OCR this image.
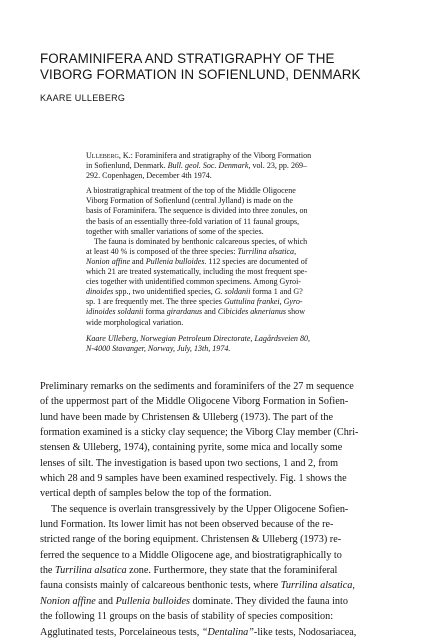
FORAMINIFERA AND STRATIGRAPHY OF THE
VIBORG FORMATION IN SOFIENLUND, DENMARK
KAARE ULLEBERG

Ulleberg, K.: Foraminifera and stratigraphy of the Viborg Formation
in Sofienlund, Denmark. Bull. geol. Soc. Denmark, vol. 23, pp. 269–
292. Copenhagen, December 4th 1974.

A biostratigraphical treatment of the top of the Middle Oligocene
Viborg Formation of Sofienlund (central Jylland) is made on the
basis of Foraminifera. The sequence is divided into three zonules, on
the basis of an essentially three-fold variation of 11 faunal groups,
together with smaller variations of some of the species.

The fauna is dominated by benthonic calcareous species, of which
at least 40 % is composed of the three species: Turrilina alsatica,
Nonion affine and Pullenia bulloides. 112 species are documented of
which 21 are treated systematically, including the most frequent spe-
cies together with unidentified common specimens. Among Gyroi-
dinoides spp., two unidentified species, G. soldanii forma 1 and G?
sp. 1 are frequently met. The three species Guttulina frankei, Gyro-
idinoides soldanii forma girardanus and Cibicides aknerianus show
wide morphological variation.

Kaare Ulleberg, Norwegian Petroleum Directorate, Lagårdsveien 80,
N-4000 Stavanger, Norway, July, 13th, 1974.

Preliminary remarks on the sediments and foraminifers of the 27 m sequence
of the uppermost part of the Middle Oligocene Viborg Formation in Sofien-
lund have been made by Christensen & Ulleberg (1973). The part of the
formation examined is a sticky clay sequence; the Viborg Clay member (Chri-
stensen & Ulleberg, 1974), containing pyrite, some mica and locally some
lenses of silt. The investigation is based upon two sections, 1 and 2, from
which 28 and 9 samples have been examined respectively. Fig. 1 shows the
vertical depth of samples below the top of the formation.
The sequence is overlain transgressively by the Upper Oligocene Sofien-
lund Formation. Its lower limit has not been observed because of the re-
stricted range of the boring equipment. Christensen & Ulleberg (1973) re-
ferred the sequence to a Middle Oligocene age, and biostratigraphically to
the Turrilina alsatica zone. Furthermore, they state that the foraminiferal
fauna consists mainly of calcareous benthonic tests, where Turrilina alsatica,
Nonion affine and Pullenia bulloides dominate. They divided the fauna into
the following 11 groups on the basis of stability of species composition:
Agglutinated tests, Porcelaineous tests, “Dentalina”-like tests, Nodosariacea,
